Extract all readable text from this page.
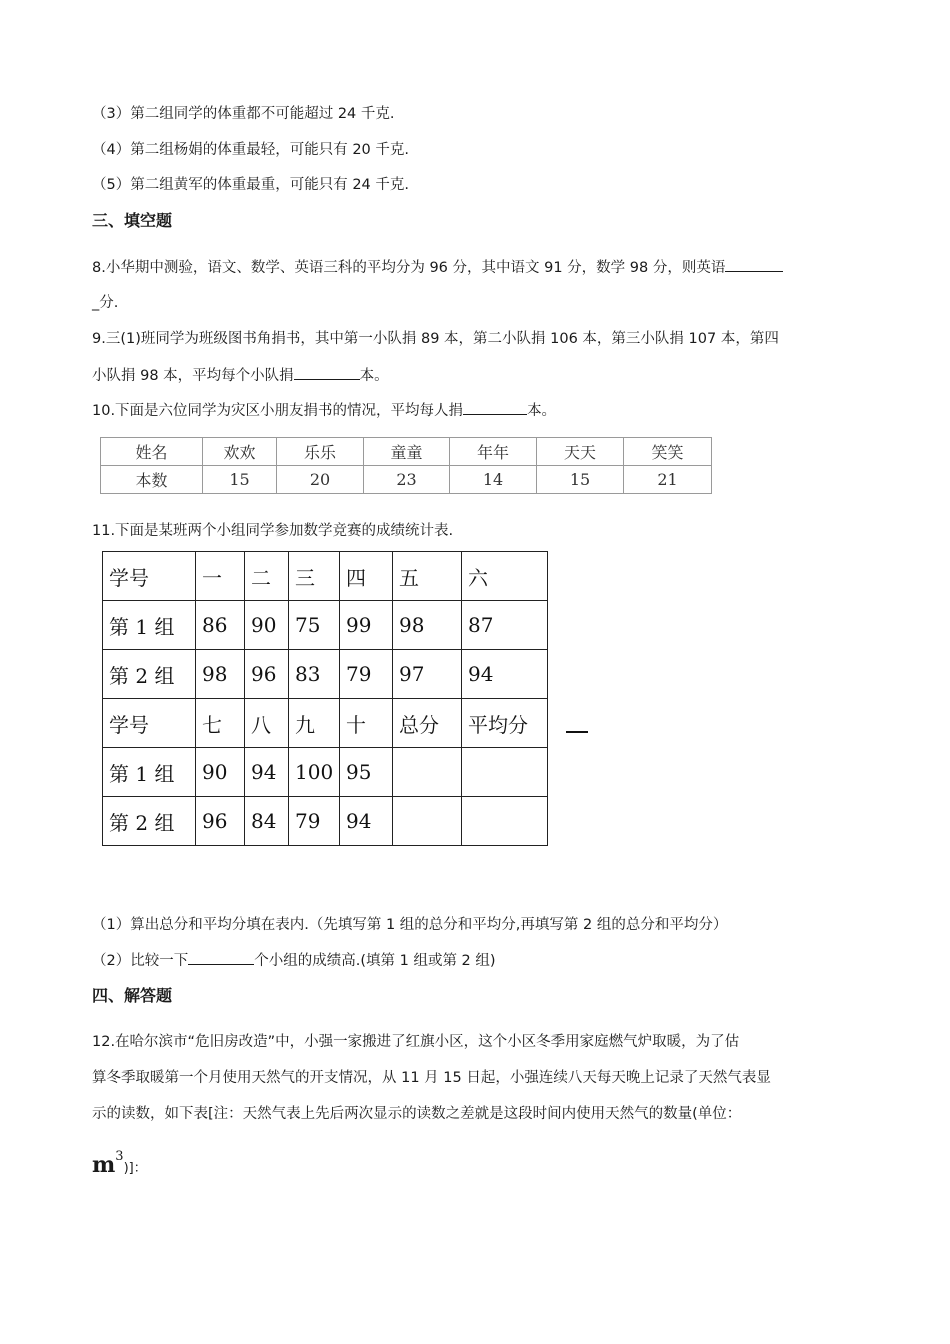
（3）第二组同学的体重都不可能超过 24 千克.
（4）第二组杨娟的体重最轻，可能只有 20 千克.
（5）第二组黄军的体重最重，可能只有 24 千克.
三、填空题
8.小华期中测验，语文、数学、英语三科的平均分为 96 分，其中语文 91 分，数学 98 分，则英语
_分.
9.三(1)班同学为班级图书角捐书，其中第一小队捐 89 本，第二小队捐 106 本，第三小队捐 107 本，第四
小队捐 98 本，平均每个小队捐	本。
10.下面是六位同学为灾区小朋友捐书的情况，平均每人捐	本。
姓名	欢欢	乐乐	童童	年年	天天	笑笑
本数	15	20	23	14	15	21
11.下面是某班两个小组同学参加数学竞赛的成绩统计表.
学号	一	二	三	四	五	六
第 1 组	86	90	75	99	98	87
第 2 组	98	96	83	79	97	94
学号	七	八	九	十	总分	平均分
第 1 组	90	94	100	95		
第 2 组	96	84	79	94		
（1）算出总分和平均分填在表内.（先填写第 1 组的总分和平均分,再填写第 2 组的总分和平均分）
（2）比较一下	个小组的成绩高.(填第 1 组或第 2 组)
四、解答题
12.在哈尔滨市“危旧房改造”中，小强一家搬进了红旗小区，这个小区冬季用家庭燃气炉取暖，为了估
算冬季取暖第一个月使用天然气的开支情况，从 11 月 15 日起，小强连续八天每天晚上记录了天然气表显
示的读数，如下表[注：天然气表上先后两次显示的读数之差就是这段时间内使用天然气的数量(单位：
$m^3$)]：
